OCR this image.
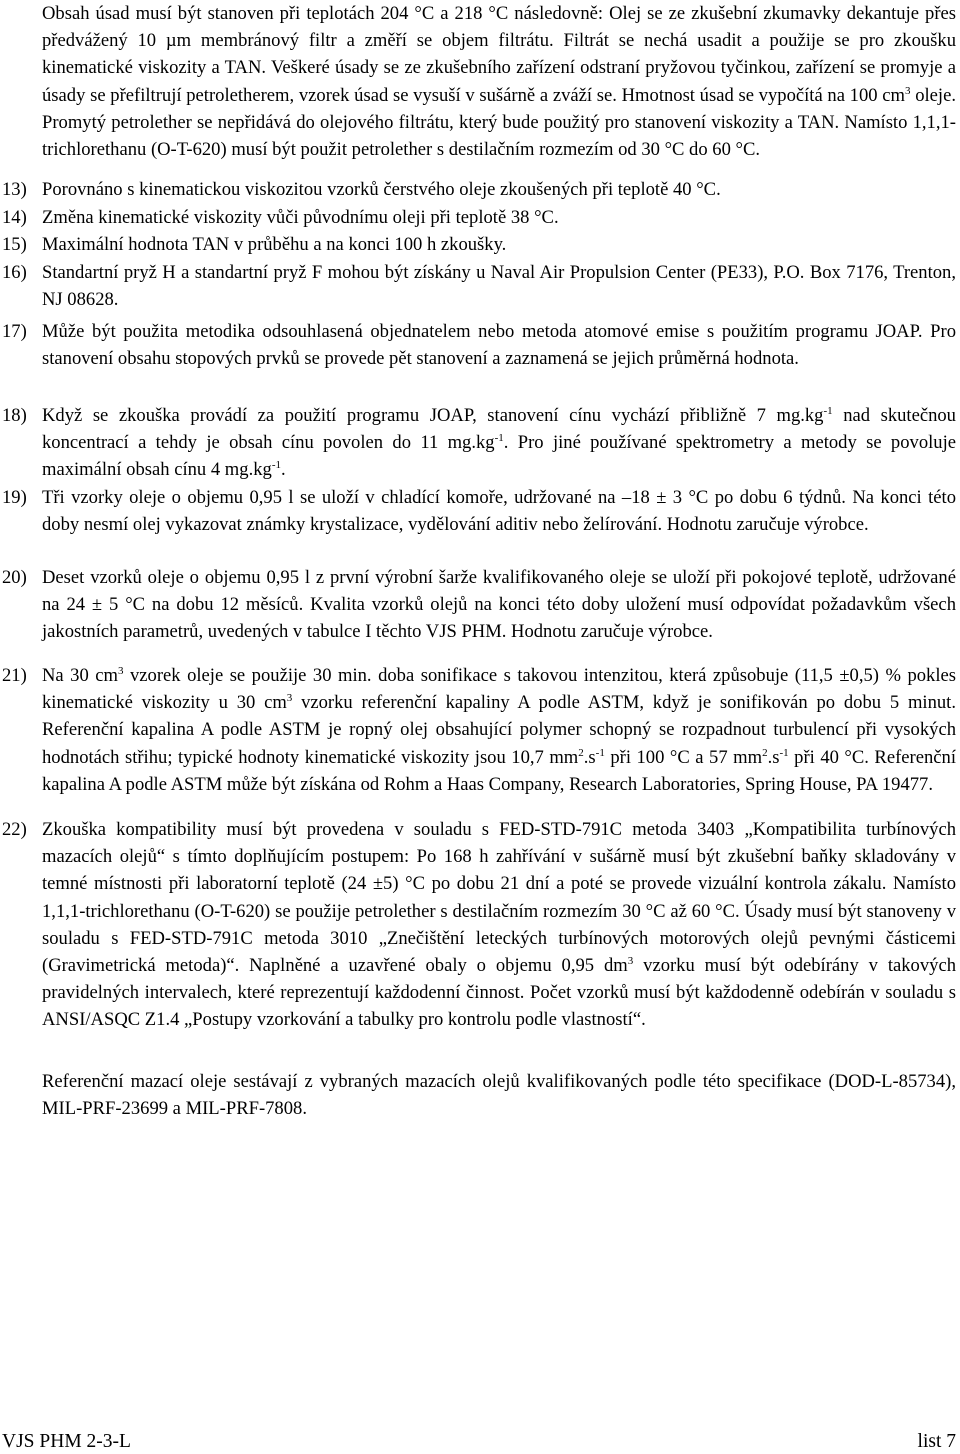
Obsah úsad musí být stanoven při teplotách 204 °C a 218 °C následovně: Olej se ze zkušební zkumavky dekantuje přes předvážený 10 µm membránový filtr a změří se objem filtrátu. Filtrát se nechá usadit a použije se pro zkoušku kinematické viskozity a TAN. Veškeré úsady se ze zkušebního zařízení odstraní pryžovou tyčinkou, zařízení se promyje a úsady se přefiltrují petroletherem, vzorek úsad se vysuší v sušárně a zváží se. Hmotnost úsad se vypočítá na 100 $cm^3$ oleje. Promytý petrolether se nepřidává do olejového filtrátu, který bude použitý pro stanovení viskozity a TAN. Namísto 1,1,1-trichlorethanu (O-T-620) musí být použit petrolether s destilačním rozmezím od 30 °C do 60 °C.
13) Porovnáno s kinematickou viskozitou vzorků čerstvého oleje zkoušených při teplotě 40 °C.
14) Změna kinematické viskozity vůči původnímu oleji při teplotě 38 °C.
15) Maximální hodnota TAN v průběhu a na konci 100 h zkoušky.
16) Standartní pryž H a standartní pryž F mohou být získány u Naval Air Propulsion Center (PE33), P.O. Box 7176, Trenton, NJ 08628.
17) Může být použita metodika odsouhlasená objednatelem nebo metoda atomové emise s použitím programu JOAP. Pro stanovení obsahu stopových prvků se provede pět stanovení a zaznamená se jejich průměrná hodnota.
18) Když se zkouška provádí za použití programu JOAP, stanovení cínu vychází přibližně 7 $mg.kg^{-1}$ nad skutečnou koncentrací a tehdy je obsah cínu povolen do 11 $mg.kg^{-1}$. Pro jiné používané spektrometry a metody se povoluje maximální obsah cínu 4 $mg.kg^{-1}$.
19) Tři vzorky oleje o objemu 0,95 l se uloží v chladící komoře, udržované na –18 ± 3 °C po dobu 6 týdnů. Na konci této doby nesmí olej vykazovat známky krystalizace, vydělování aditiv nebo želírování. Hodnotu zaručuje výrobce.
20) Deset vzorků oleje o objemu 0,95 l z první výrobní šarže kvalifikovaného oleje se uloží při pokojové teplotě, udržované na 24 ± 5 °C na dobu 12 měsíců. Kvalita vzorků olejů na konci této doby uložení musí odpovídat požadavkům všech jakostních parametrů, uvedených v tabulce I těchto VJS PHM. Hodnotu zaručuje výrobce.
21) Na 30 $cm^3$ vzorek oleje se použije 30 min. doba sonifikace s takovou intenzitou, která způsobuje (11,5 ±0,5) % pokles kinematické viskozity u 30 $cm^3$ vzorku referenční kapaliny A podle ASTM, když je sonifikován po dobu 5 minut. Referenční kapalina A podle ASTM je ropný olej obsahující polymer schopný se rozpadnout turbulencí při vysokých hodnotách střihu; typické hodnoty kinematické viskozity jsou 10,7 $mm^2.s^{-1}$ při 100 °C a 57 $mm^2.s^{-1}$ při 40 °C. Referenční kapalina A podle ASTM může být získána od Rohm a Haas Company, Research Laboratories, Spring House, PA 19477.
22) Zkouška kompatibility musí být provedena v souladu s FED-STD-791C metoda 3403 „Kompatibilita turbínových mazacích olejů“ s tímto doplňujícím postupem: Po 168 h zahřívání v sušárně musí být zkušební baňky skladovány v temné místnosti při laboratorní teplotě (24 ±5) °C po dobu 21 dní a poté se provede vizuální kontrola zákalu. Namísto 1,1,1-trichlorethanu (O-T-620) se použije petrolether s destilačním rozmezím 30 °C až 60 °C. Úsady musí být stanoveny v souladu s FED-STD-791C metoda 3010 „Znečištění leteckých turbínových motorových olejů pevnými částicemi (Gravimetrická metoda)“. Naplněné a uzavřené obaly o objemu 0,95 $dm^3$ vzorku musí být odebírány v takových pravidelných intervalech, které reprezentují každodenní činnost. Počet vzorků musí být každodenně odebírán v souladu s ANSI/ASQC Z1.4 „Postupy vzorkování a tabulky pro kontrolu podle vlastností“.
Referenční mazací oleje sestávají z vybraných mazacích olejů kvalifikovaných podle této specifikace (DOD-L-85734), MIL-PRF-23699 a MIL-PRF-7808.
VJS PHM 2-3-L	list 7
